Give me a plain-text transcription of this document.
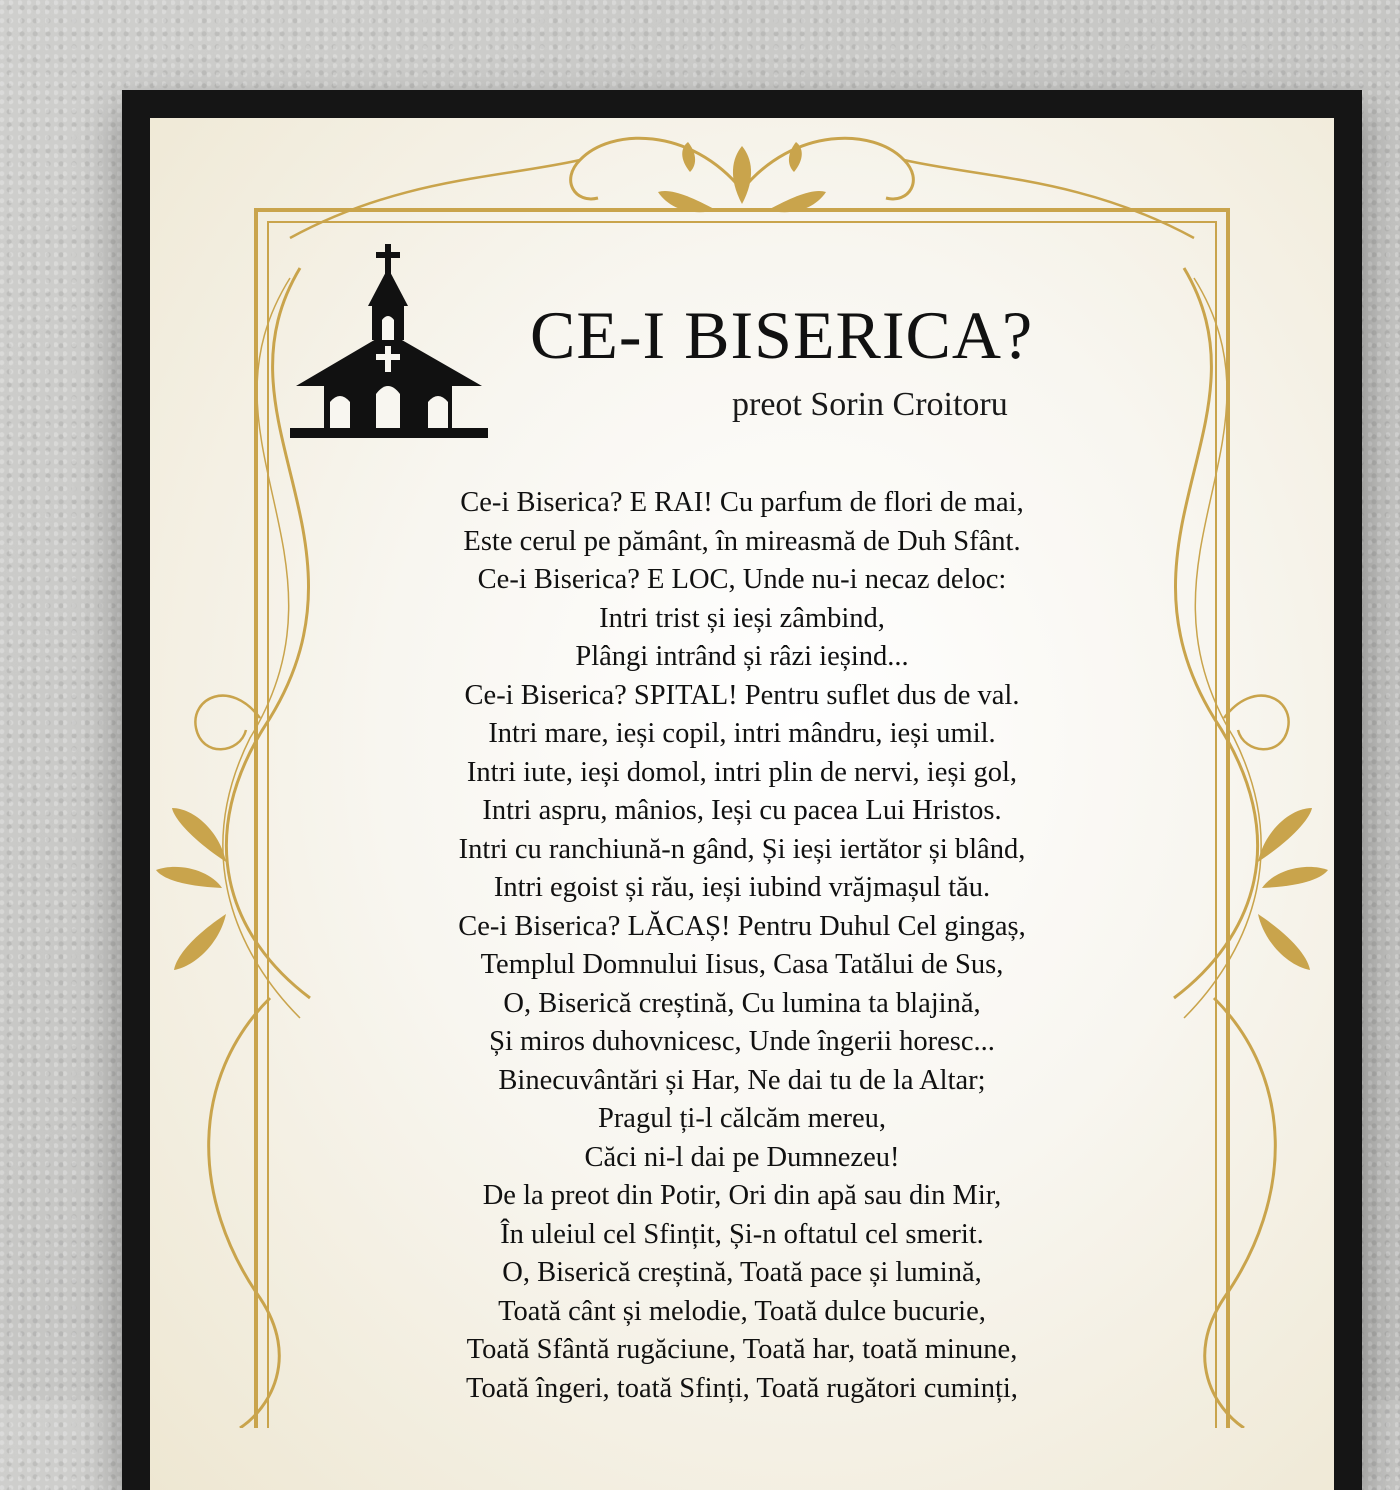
CE-I BISERICA?
preot Sorin Croitoru
Ce-i Biserica? E RAI! Cu parfum de flori de mai,
Este cerul pe pământ, în mireasmă de Duh Sfânt.
Ce-i Biserica? E LOC, Unde nu-i necaz deloc:
Intri trist și ieși zâmbind,
Plângi intrând și râzi ieșind...
Ce-i Biserica? SPITAL! Pentru suflet dus de val.
Intri mare, ieși copil, intri mândru, ieși umil.
Intri iute, ieși domol, intri plin de nervi, ieși gol,
Intri aspru, mânios, Ieși cu pacea Lui Hristos.
Intri cu ranchiună-n gând, Și ieși iertător și blând,
Intri egoist și rău, ieși iubind vrăjmașul tău.
Ce-i Biserica? LĂCAȘ! Pentru Duhul Cel gingaș,
Templul Domnului Iisus, Casa Tatălui de Sus,
O, Biserică creștină, Cu lumina ta blajină,
Și miros duhovnicesc, Unde îngerii horesc...
Binecuvântări și Har, Ne dai tu de la Altar;
Pragul ți-l călcăm mereu,
Căci ni-l dai pe Dumnezeu!
De la preot din Potir, Ori din apă sau din Mir,
În uleiul cel Sfințit, Și-n oftatul cel smerit.
O, Biserică creștină, Toată pace și lumină,
Toată cânt și melodie, Toată dulce bucurie,
Toată Sfântă rugăciune, Toată har, toată minune,
Toată îngeri, toată Sfinți, Toată rugători cuminți,
